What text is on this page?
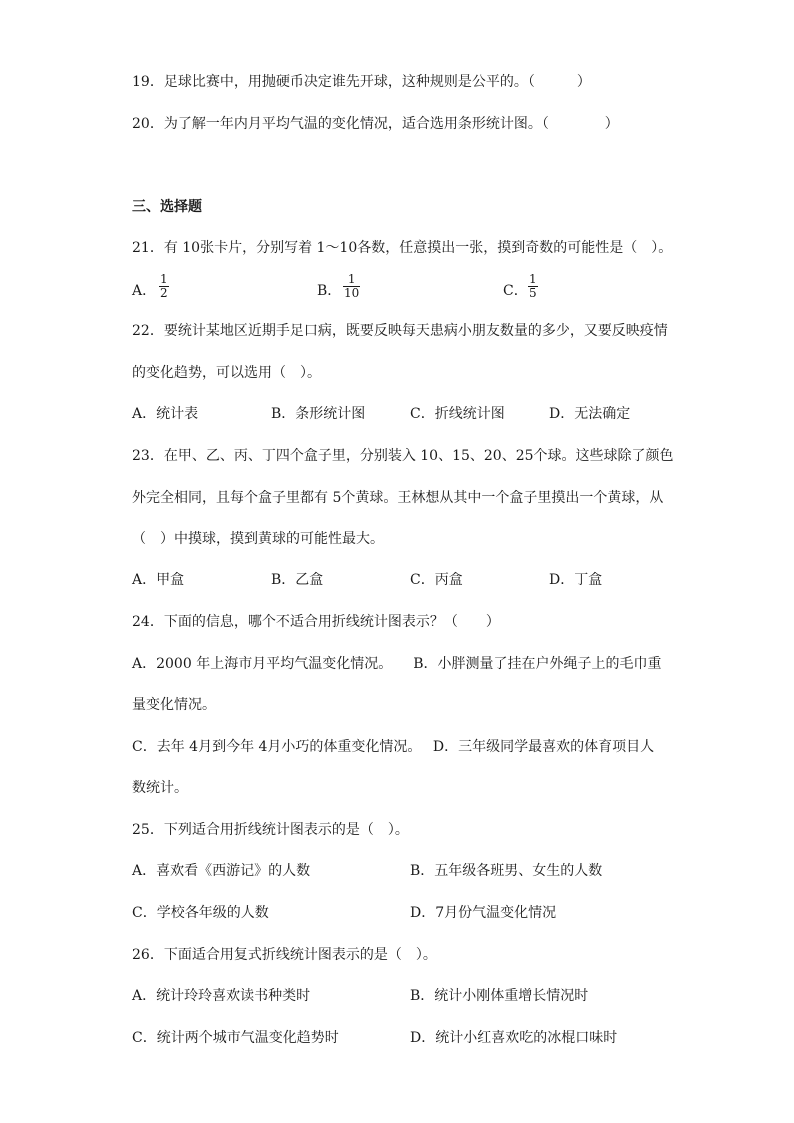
19．足球比赛中，用抛硬币决定谁先开球，这种规则是公平的。（　　　）
20．为了解一年内月平均气温的变化情况，适合选用条形统计图。（　　　　）
三、选择题
21．有 10张卡片，分别写着 1～10各数，任意摸出一张，摸到奇数的可能性是（　）。
A．
1
2	B．
1
10	C．
1
5
22．要统计某地区近期手足口病，既要反映每天患病小朋友数量的多少，又要反映疫情
的变化趋势，可以选用（　）。
A．统计表	B．条形统计图	C．折线统计图	D．无法确定
23．在甲、乙、丙、丁四个盒子里，分别装入 10、15、20、25个球。这些球除了颜色
外完全相同，且每个盒子里都有 5个黄球。王林想从其中一个盒子里摸出一个黄球，从
（　）中摸球，摸到黄球的可能性最大。
A．甲盒	B．乙盒	C．丙盒	D．丁盒
24．下面的信息，哪个不适合用折线统计图表示？（　　）
A．2000 年上海市月平均气温变化情况。　　B．小胖测量了挂在户外绳子上的毛巾重
量变化情况。
C．去年 4月到今年 4月小巧的体重变化情况。　 D．三年级同学最喜欢的体育项目人
数统计。
25．下列适合用折线统计图表示的是（　）。
A．喜欢看《西游记》的人数	B．五年级各班男、女生的人数
C．学校各年级的人数	D．7月份气温变化情况
26．下面适合用复式折线统计图表示的是（　）。
A．统计玲玲喜欢读书种类时	B．统计小刚体重增长情况时
C．统计两个城市气温变化趋势时	D．统计小红喜欢吃的冰棍口味时
